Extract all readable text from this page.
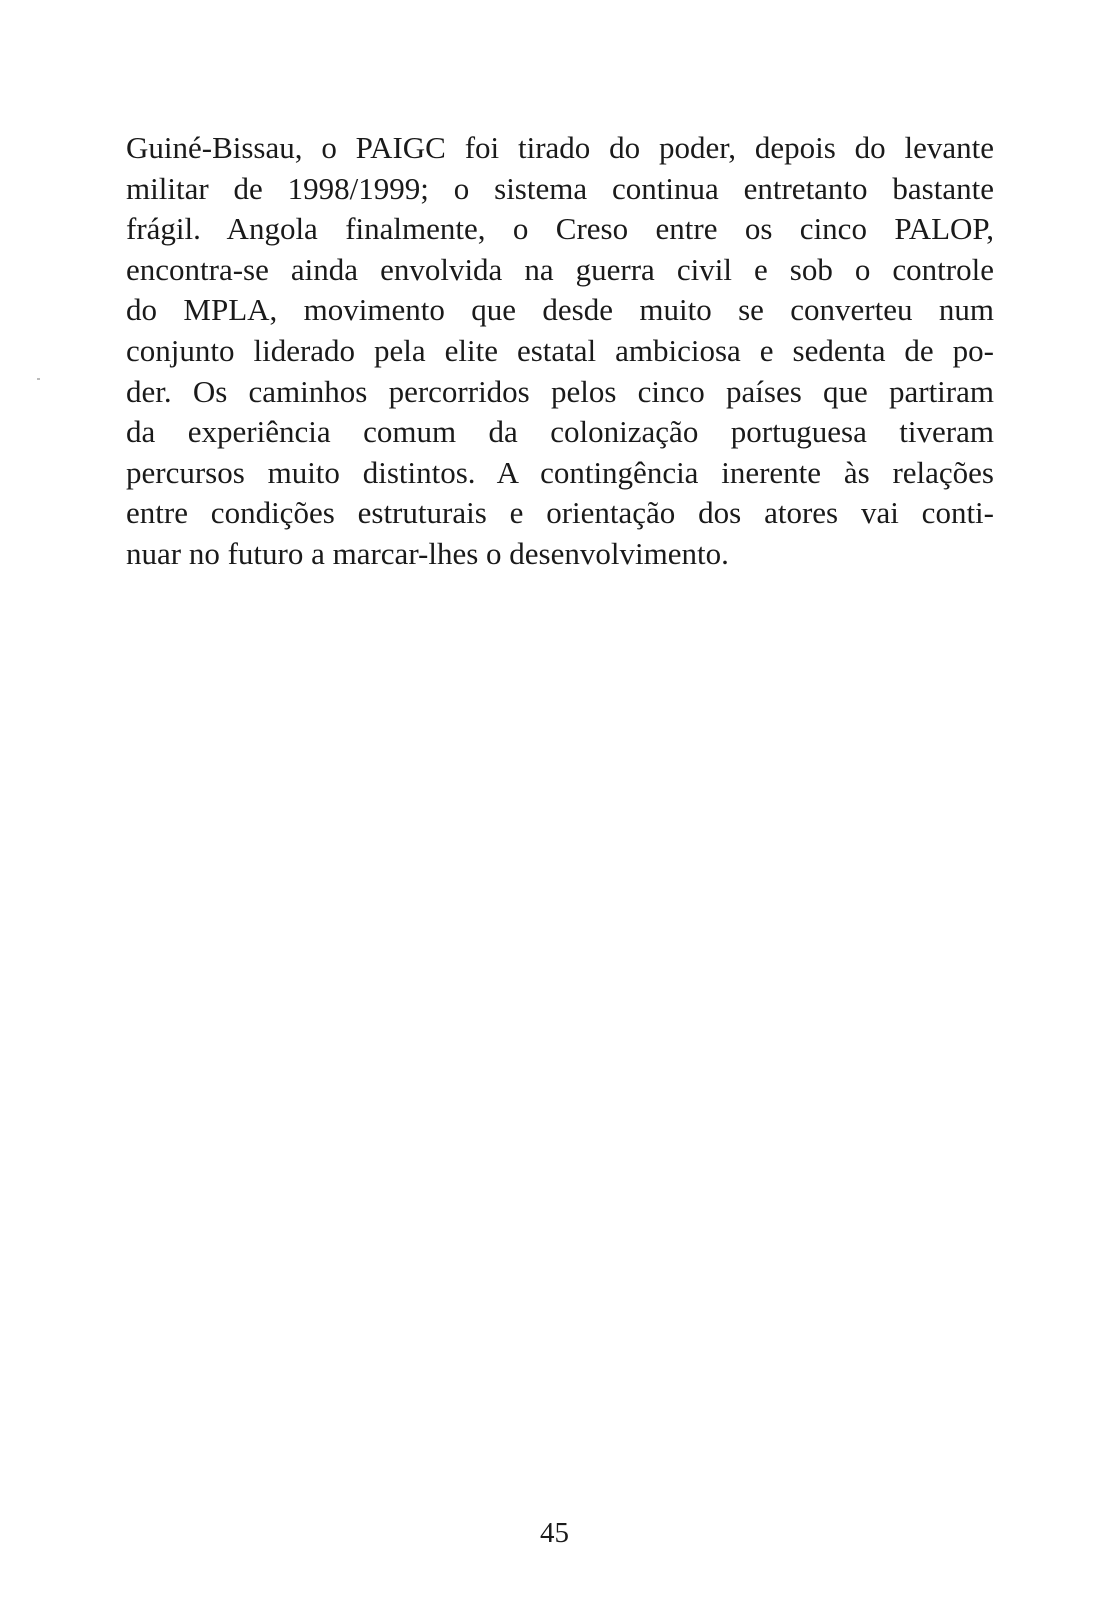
Guiné-Bissau, o PAIGC foi tirado do poder, depois do levante
militar de 1998/1999; o sistema continua entretanto bastante
frágil. Angola finalmente, o Creso entre os cinco PALOP,
encontra-se ainda envolvida na guerra civil e sob o controle
do MPLA, movimento que desde muito se converteu num
conjunto liderado pela elite estatal ambiciosa e sedenta de po-
der. Os caminhos percorridos pelos cinco países que partiram
da experiência comum da colonização portuguesa tiveram
percursos muito distintos. A contingência inerente às relações
entre condições estruturais e orientação dos atores vai conti-
nuar no futuro a marcar-lhes o desenvolvimento.
45
